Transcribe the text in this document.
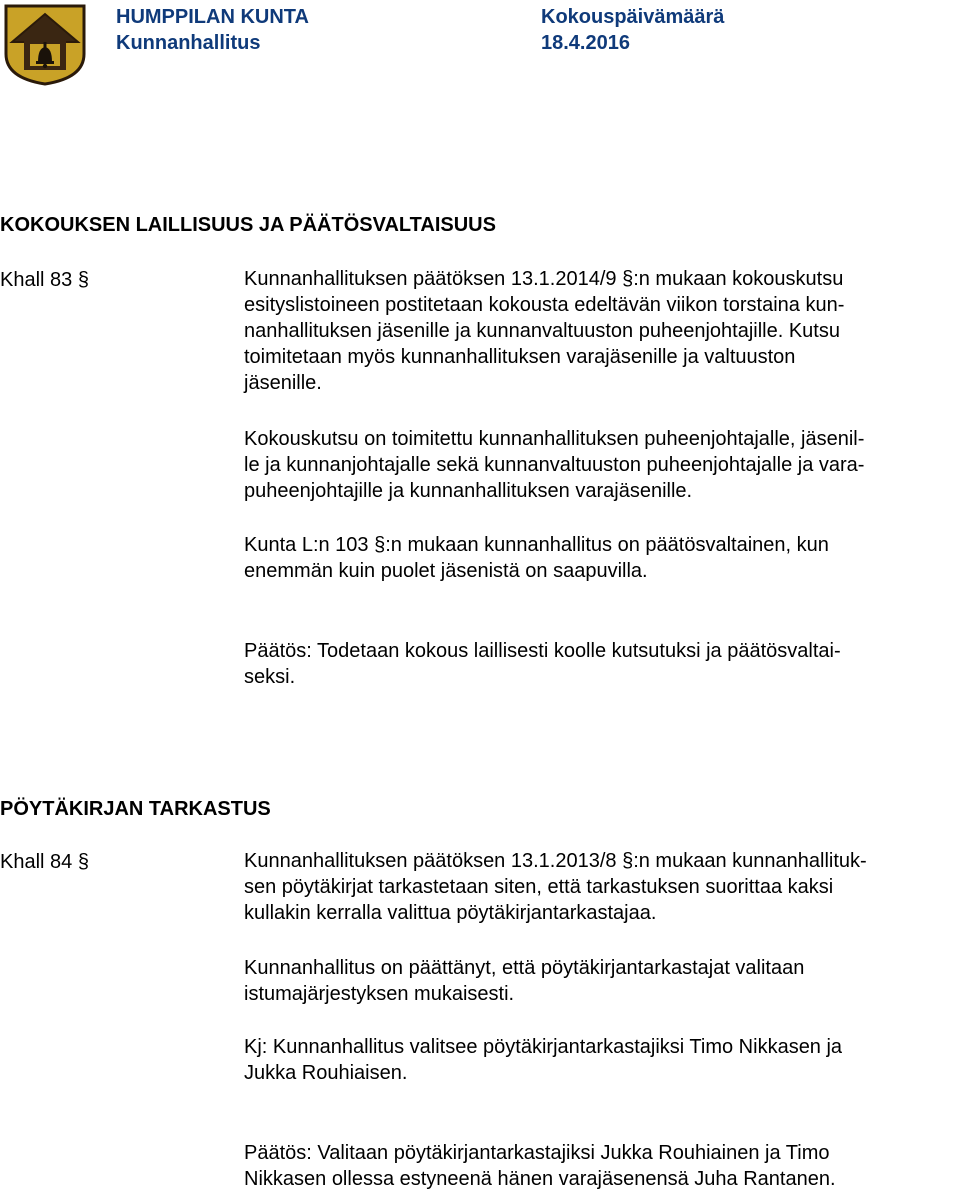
HUMPPILAN KUNTA
Kunnanhallitus
Kokouspäivämäärä
18.4.2016
KOKOUKSEN LAILLISUUS JA PÄÄTÖSVALTAISUUS
Khall 83 §	Kunnanhallituksen päätöksen 13.1.2014/9 §:n mukaan kokouskutsu
esityslistoineen postitetaan kokousta edeltävän viikon torstaina kun-
nanhallituksen jäsenille ja kunnanvaltuuston puheenjohtajille. Kutsu
toimitetaan myös kunnanhallituksen varajäsenille ja valtuuston
jäsenille.
Kokouskutsu on toimitettu kunnanhallituksen puheenjohtajalle, jäsenil-
le ja kunnanjohtajalle sekä kunnanvaltuuston puheenjohtajalle ja vara-
puheenjohtajille ja kunnanhallituksen varajäsenille.
Kunta L:n 103 §:n mukaan kunnanhallitus on päätösvaltainen, kun
enemmän kuin puolet jäsenistä on saapuvilla.
Päätös: Todetaan kokous laillisesti koolle kutsutuksi ja päätösvaltai-
seksi.
PÖYTÄKIRJAN TARKASTUS
Khall 84 §	Kunnanhallituksen päätöksen 13.1.2013/8 §:n mukaan kunnanhallituk-
sen pöytäkirjat tarkastetaan siten, että tarkastuksen suorittaa kaksi
kullakin kerralla valittua pöytäkirjantarkastajaa.
Kunnanhallitus on päättänyt, että pöytäkirjantarkastajat valitaan
istumajärjestyksen mukaisesti.
Kj: Kunnanhallitus valitsee pöytäkirjantarkastajiksi Timo Nikkasen ja
Jukka Rouhiaisen.
Päätös: Valitaan pöytäkirjantarkastajiksi Jukka Rouhiainen ja Timo
Nikkasen ollessa estyneenä hänen varajäsenensä Juha Rantanen.
